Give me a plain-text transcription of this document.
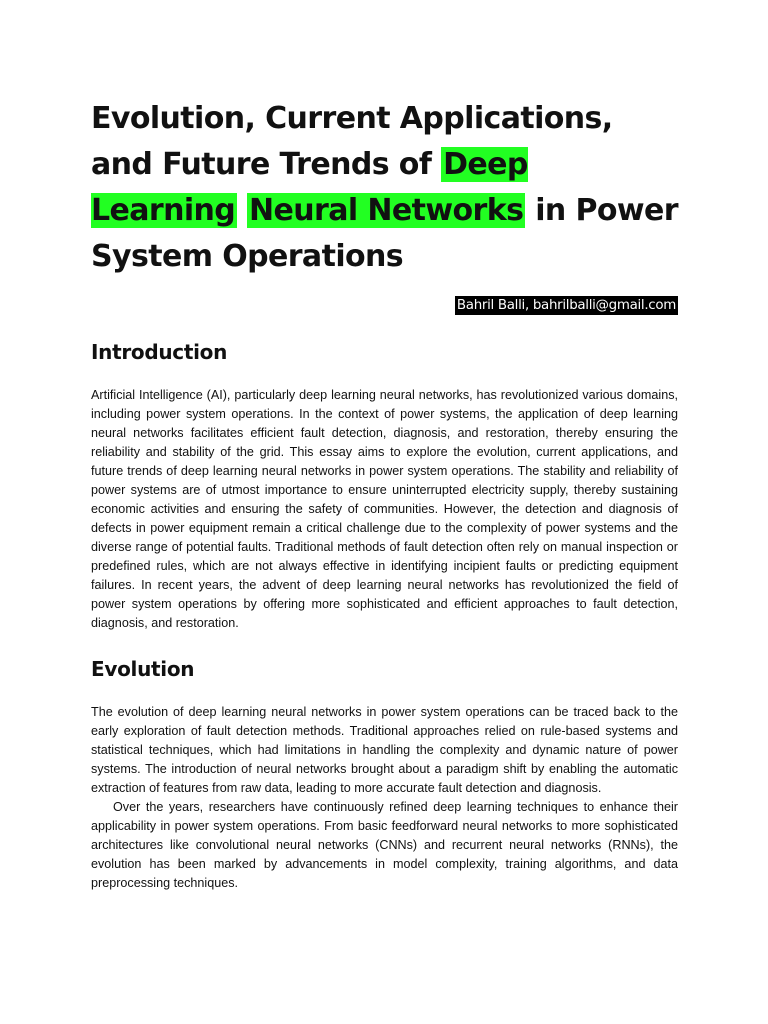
Evolution, Current Applications, and Future Trends of Deep Learning Neural Networks in Power System Operations
Bahril Balli, bahrilballi@gmail.com
Introduction

Artificial Intelligence (AI), particularly deep learning neural networks, has revolutionized various domains, including power system operations. In the context of power systems, the application of deep learning neural networks facilitates efficient fault detection, diagnosis, and restoration, thereby ensuring the reliability and stability of the grid. This essay aims to explore the evolution, current applications, and future trends of deep learning neural networks in power system operations. The stability and reliability of power systems are of utmost importance to ensure uninterrupted electricity supply, thereby sustaining economic activities and ensuring the safety of communities. However, the detection and diagnosis of defects in power equipment remain a critical challenge due to the complexity of power systems and the diverse range of potential faults. Traditional methods of fault detection often rely on manual inspection or predefined rules, which are not always effective in identifying incipient faults or predicting equipment failures. In recent years, the advent of deep learning neural networks has revolutionized the field of power system operations by offering more sophisticated and efficient approaches to fault detection, diagnosis, and restoration.

Evolution

The evolution of deep learning neural networks in power system operations can be traced back to the early exploration of fault detection methods. Traditional approaches relied on rule-based systems and statistical techniques, which had limitations in handling the complexity and dynamic nature of power systems. The introduction of neural networks brought about a paradigm shift by enabling the automatic extraction of features from raw data, leading to more accurate fault detection and diagnosis.

Over the years, researchers have continuously refined deep learning techniques to enhance their applicability in power system operations. From basic feedforward neural networks to more sophisticated architectures like convolutional neural networks (CNNs) and recurrent neural networks (RNNs), the evolution has been marked by advancements in model complexity, training algorithms, and data preprocessing techniques.
